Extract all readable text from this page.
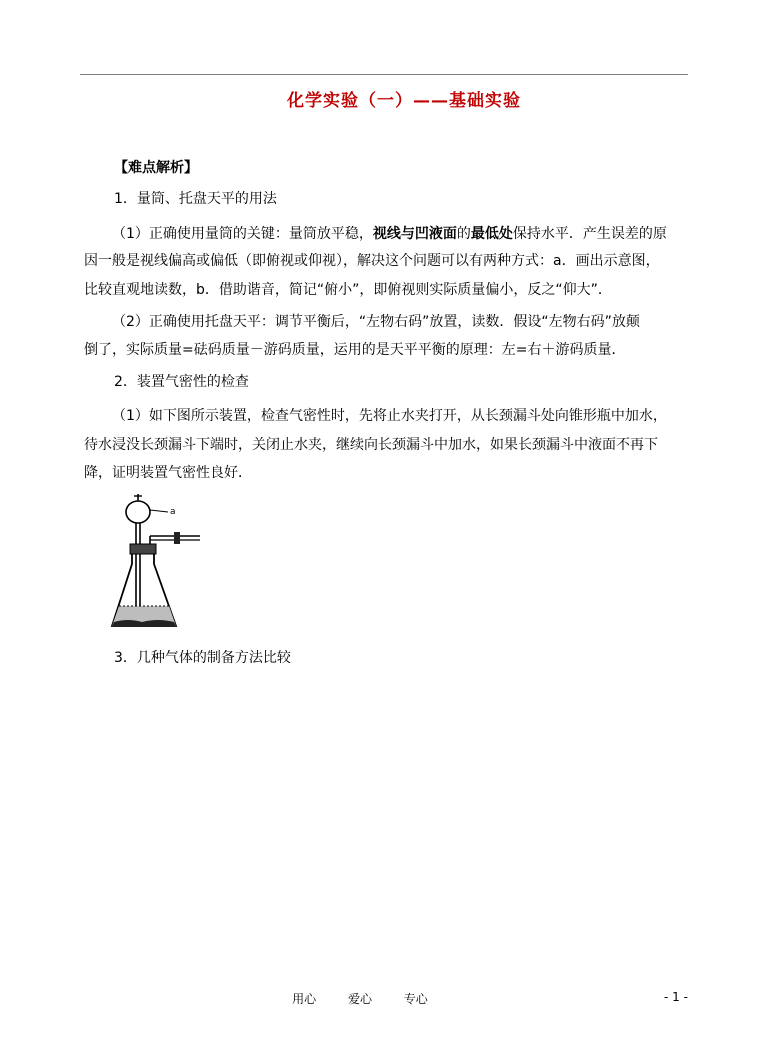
化学实验（一）——基础实验
【难点解析】
1．量筒、托盘天平的用法
（1）正确使用量筒的关键：量筒放平稳，视线与凹液面的最低处保持水平．产生误差的原
因一般是视线偏高或偏低（即俯视或仰视），解决这个问题可以有两种方式：a．画出示意图，
比较直观地读数，b．借助谐音，简记“俯小”，即俯视则实际质量偏小，反之“仰大”．
（2）正确使用托盘天平：调节平衡后，“左物右码”放置，读数．假设“左物右码”放颠
倒了，实际质量=砝码质量－游码质量，运用的是天平平衡的原理：左=右＋游码质量．
2．装置气密性的检查
（1）如下图所示装置，检查气密性时，先将止水夹打开，从长颈漏斗处向锥形瓶中加水，
待水浸没长颈漏斗下端时，关闭止水夹，继续向长颈漏斗中加水，如果长颈漏斗中液面不再下
降，证明装置气密性良好．
a
3．几种气体的制备方法比较
用心 爱心 专心	- 1 -
